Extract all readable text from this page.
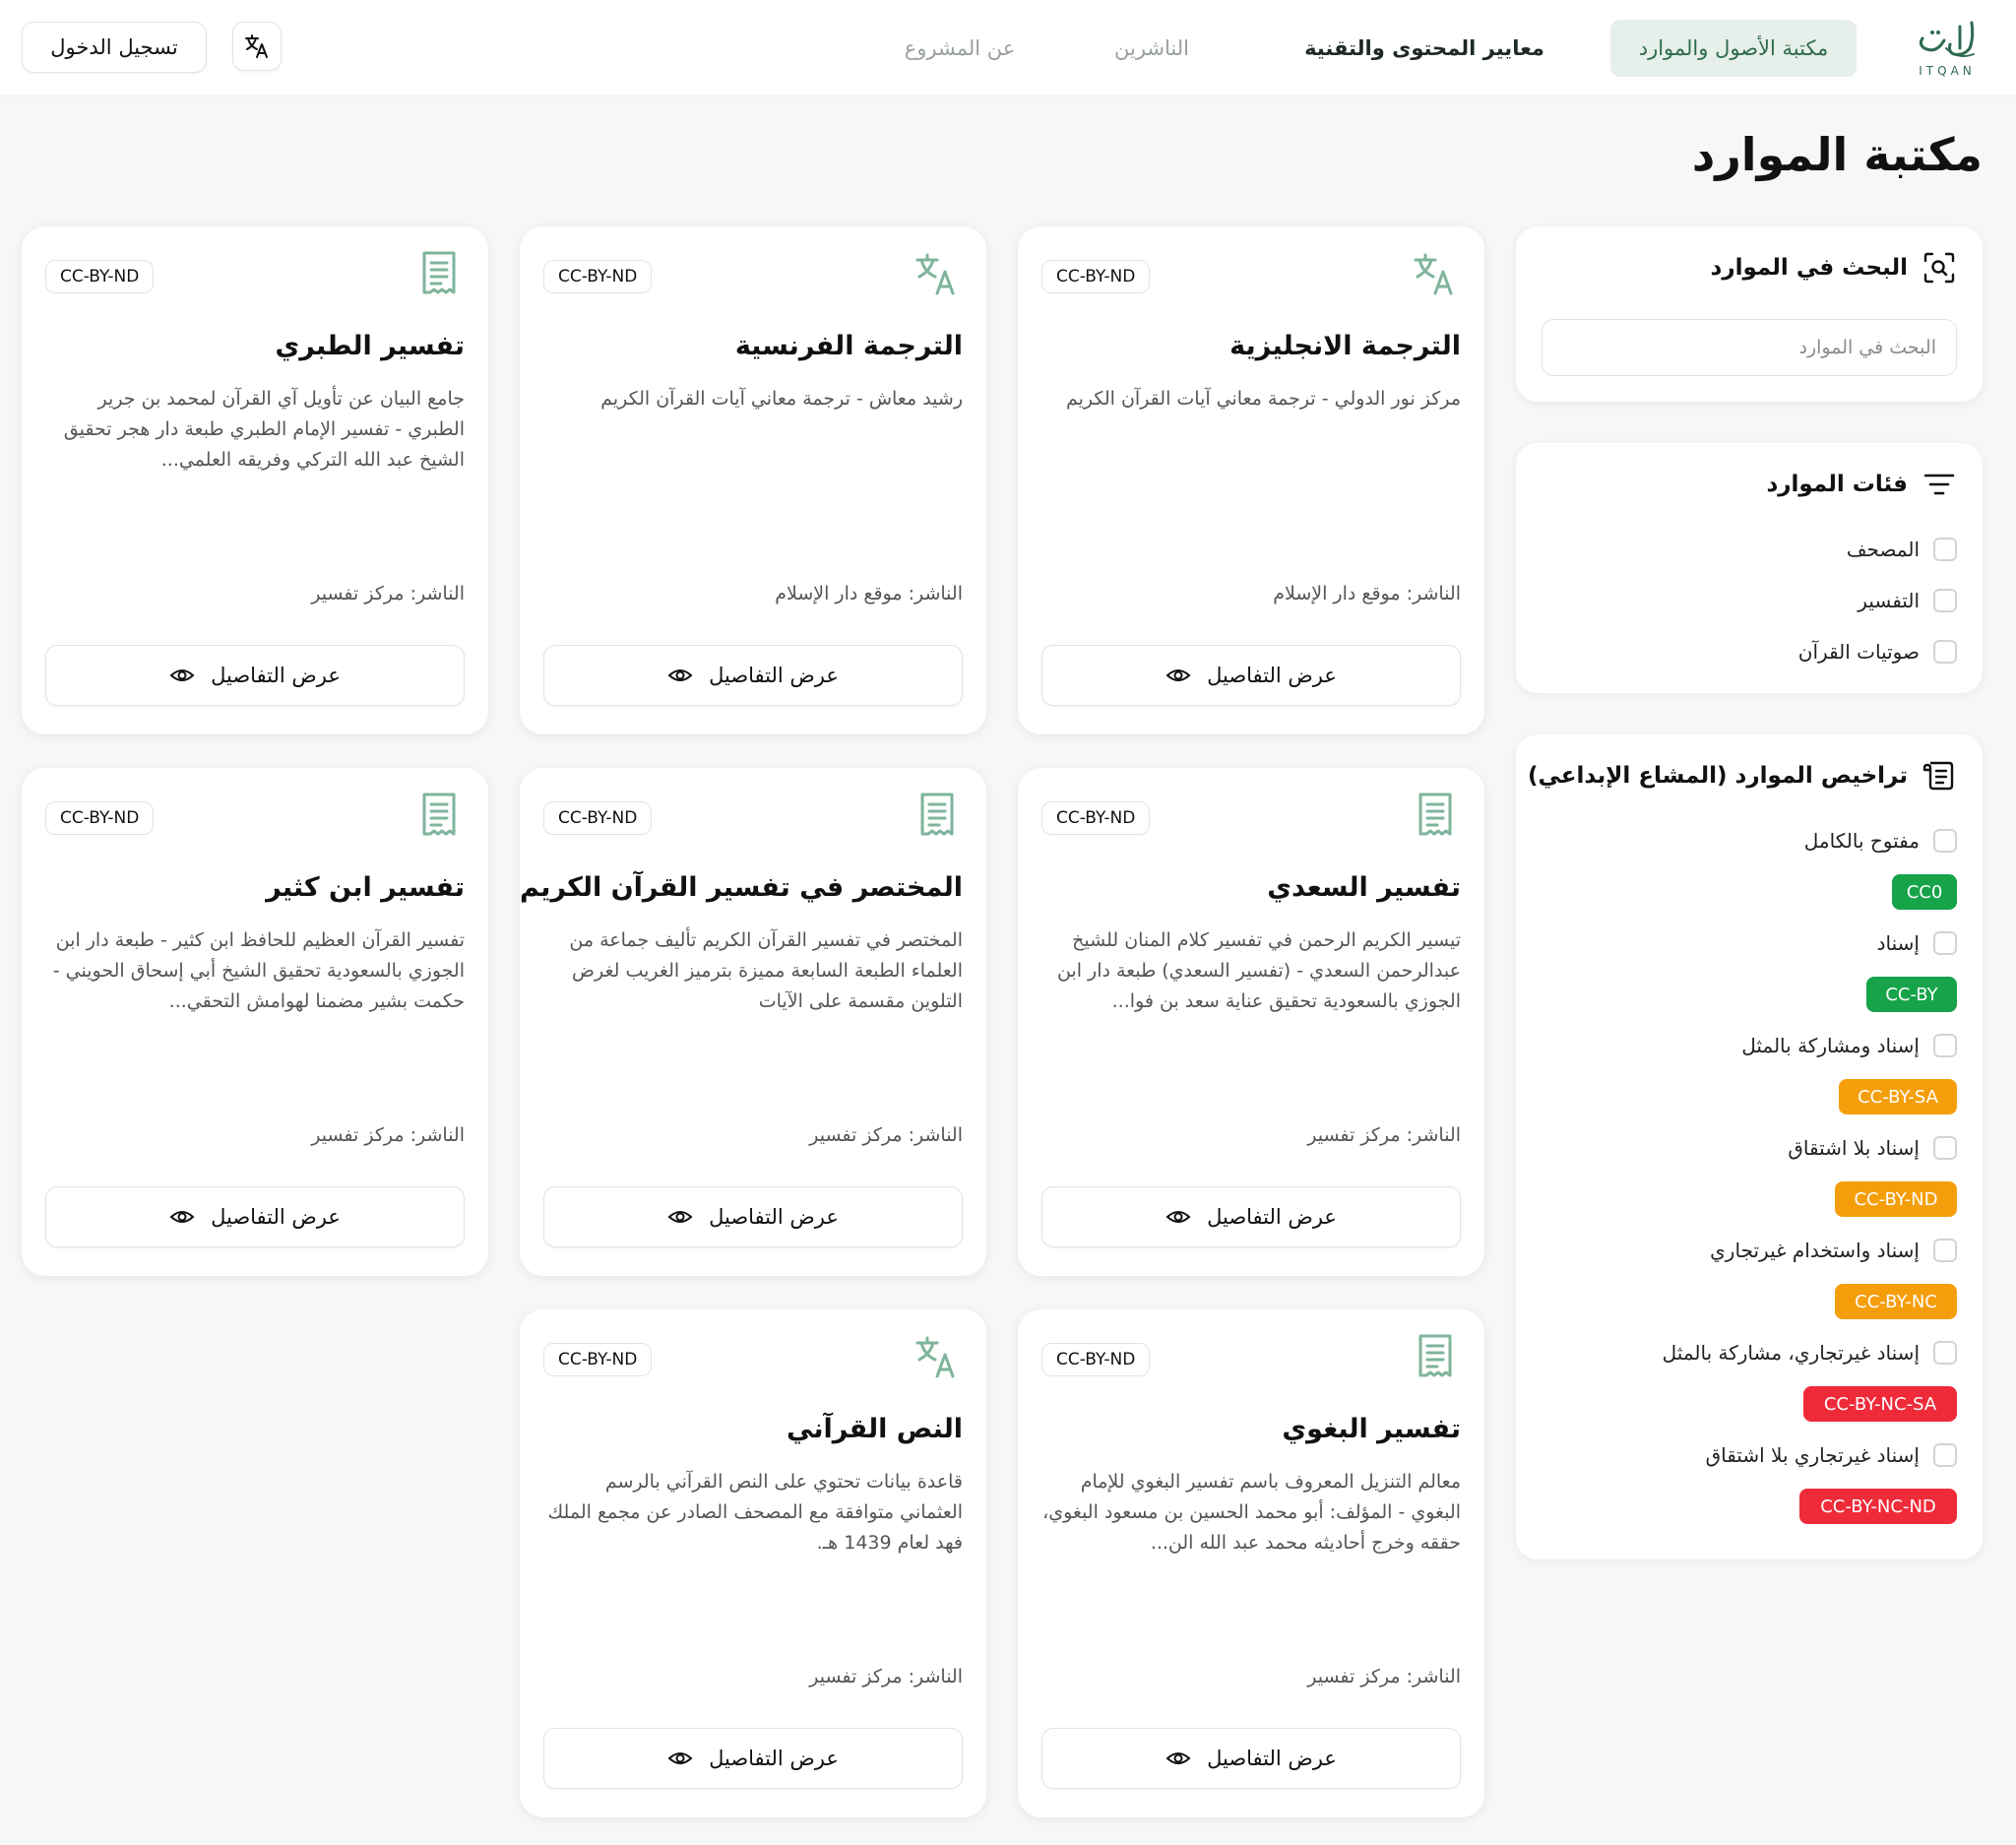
ITQAN
مكتبة الأصول والموارد
معايير المحتوى والتقنية
الناشرين
عن المشروع
تسجيل الدخول
مكتبة الموارد
البحث في الموارد
البحث في الموارد
فئات الموارد
المصحف
التفسير
صوتيات القرآن
تراخيص الموارد (المشاع الإبداعي)
مفتوح بالكامل
CC0
إسناد
CC-BY
إسناد ومشاركة بالمثل
CC-BY-SA
إسناد بلا اشتقاق
CC-BY-ND
إسناد واستخدام غيرتجاري
CC-BY-NC
إسناد غيرتجاري، مشاركة بالمثل
CC-BY-NC-SA
إسناد غيرتجاري بلا اشتقاق
CC-BY-NC-ND
CC-BY-ND
الترجمة الانجليزية
مركز نور الدولي - ترجمة معاني آيات القرآن الكريم
الناشر: موقع دار الإسلام
عرض التفاصيل
CC-BY-ND
الترجمة الفرنسية
رشيد معاش - ترجمة معاني آيات القرآن الكريم
الناشر: موقع دار الإسلام
عرض التفاصيل
CC-BY-ND
تفسير الطبري
جامع البيان عن تأويل آي القرآن لمحمد بن جرير الطبري - تفسير الإمام الطبري طبعة دار هجر تحقيق الشيخ عبد الله التركي وفريقه العلمي...
الناشر: مركز تفسير
عرض التفاصيل
CC-BY-ND
تفسير السعدي
تيسير الكريم الرحمن في تفسير كلام المنان للشيخ عبدالرحمن السعدي - (تفسير السعدي) طبعة دار ابن الجوزي بالسعودية تحقيق عناية سعد بن فوا...
الناشر: مركز تفسير
عرض التفاصيل
CC-BY-ND
المختصر في تفسير القرآن الكريم
المختصر في تفسير القرآن الكريم تأليف جماعة من العلماء الطبعة السابعة مميزة بترميز الغريب لغرض التلوين مقسمة على الآيات
الناشر: مركز تفسير
عرض التفاصيل
CC-BY-ND
تفسير ابن كثير
تفسير القرآن العظيم للحافظ ابن كثير - طبعة دار ابن الجوزي بالسعودية تحقيق الشيخ أبي إسحاق الحويني - حكمت بشير مضمنا لهوامش التحقي...
الناشر: مركز تفسير
عرض التفاصيل
CC-BY-ND
تفسير البغوي
معالم التنزيل المعروف باسم تفسير البغوي للإمام البغوي - المؤلف: أبو محمد الحسين بن مسعود البغوي، حققه وخرج أحاديثه محمد عبد الله الن...
الناشر: مركز تفسير
عرض التفاصيل
CC-BY-ND
النص القرآني
قاعدة بيانات تحتوي على النص القرآني بالرسم العثماني متوافقة مع المصحف الصادر عن مجمع الملك فهد لعام 1439 هـ.
الناشر: مركز تفسير
عرض التفاصيل
